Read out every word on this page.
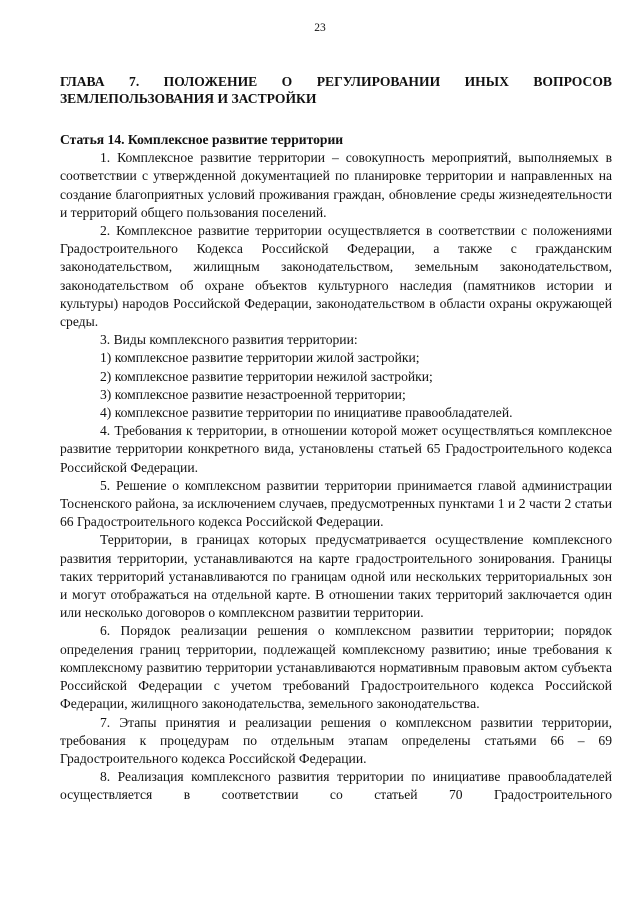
23
ГЛАВА 7. ПОЛОЖЕНИЕ О РЕГУЛИРОВАНИИ ИНЫХ ВОПРОСОВ ЗЕМЛЕПОЛЬЗОВАНИЯ И ЗАСТРОЙКИ
Статья 14. Комплексное развитие территории

1. Комплексное развитие территории – совокупность мероприятий, выполняемых в соответствии с утвержденной документацией по планировке территории и направленных на создание благоприятных условий проживания граждан, обновление среды жизнедеятельности и территорий общего пользования поселений.

2. Комплексное развитие территории осуществляется в соответствии с положениями Градостроительного Кодекса Российской Федерации, а также с гражданским законодательством, жилищным законодательством, земельным законодательством, законодательством об охране объектов культурного наследия (памятников истории и культуры) народов Российской Федерации, законодательством в области охраны окружающей среды.

3. Виды комплексного развития территории:

1) комплексное развитие территории жилой застройки;

2) комплексное развитие территории нежилой застройки;

3) комплексное развитие незастроенной территории;

4) комплексное развитие территории по инициативе правообладателей.

4. Требования к территории, в отношении которой может осуществляться комплексное развитие территории конкретного вида, установлены статьей 65 Градостроительного кодекса Российской Федерации.

5. Решение о комплексном развитии территории принимается главой администрации Тосненского района, за исключением случаев, предусмотренных пунктами 1 и 2 части 2 статьи 66 Градостроительного кодекса Российской Федерации.

Территории, в границах которых предусматривается осуществление комплексного развития территории, устанавливаются на карте градостроительного зонирования. Границы таких территорий устанавливаются по границам одной или нескольких территориальных зон и могут отображаться на отдельной карте. В отношении таких территорий заключается один или несколько договоров о комплексном развитии территории.

6. Порядок реализации решения о комплексном развитии территории; порядок определения границ территории, подлежащей комплексному развитию; иные требования к комплексному развитию территории устанавливаются нормативным правовым актом субъекта Российской Федерации с учетом требований Градостроительного кодекса Российской Федерации, жилищного законодательства, земельного законодательства.

7. Этапы принятия и реализации решения о комплексном развитии территории, требования к процедурам по отдельным этапам определены статьями 66 – 69 Градостроительного кодекса Российской Федерации.

8. Реализация комплексного развития территории по инициативе правообладателей осуществляется в соответствии со статьей 70 Градостроительного
